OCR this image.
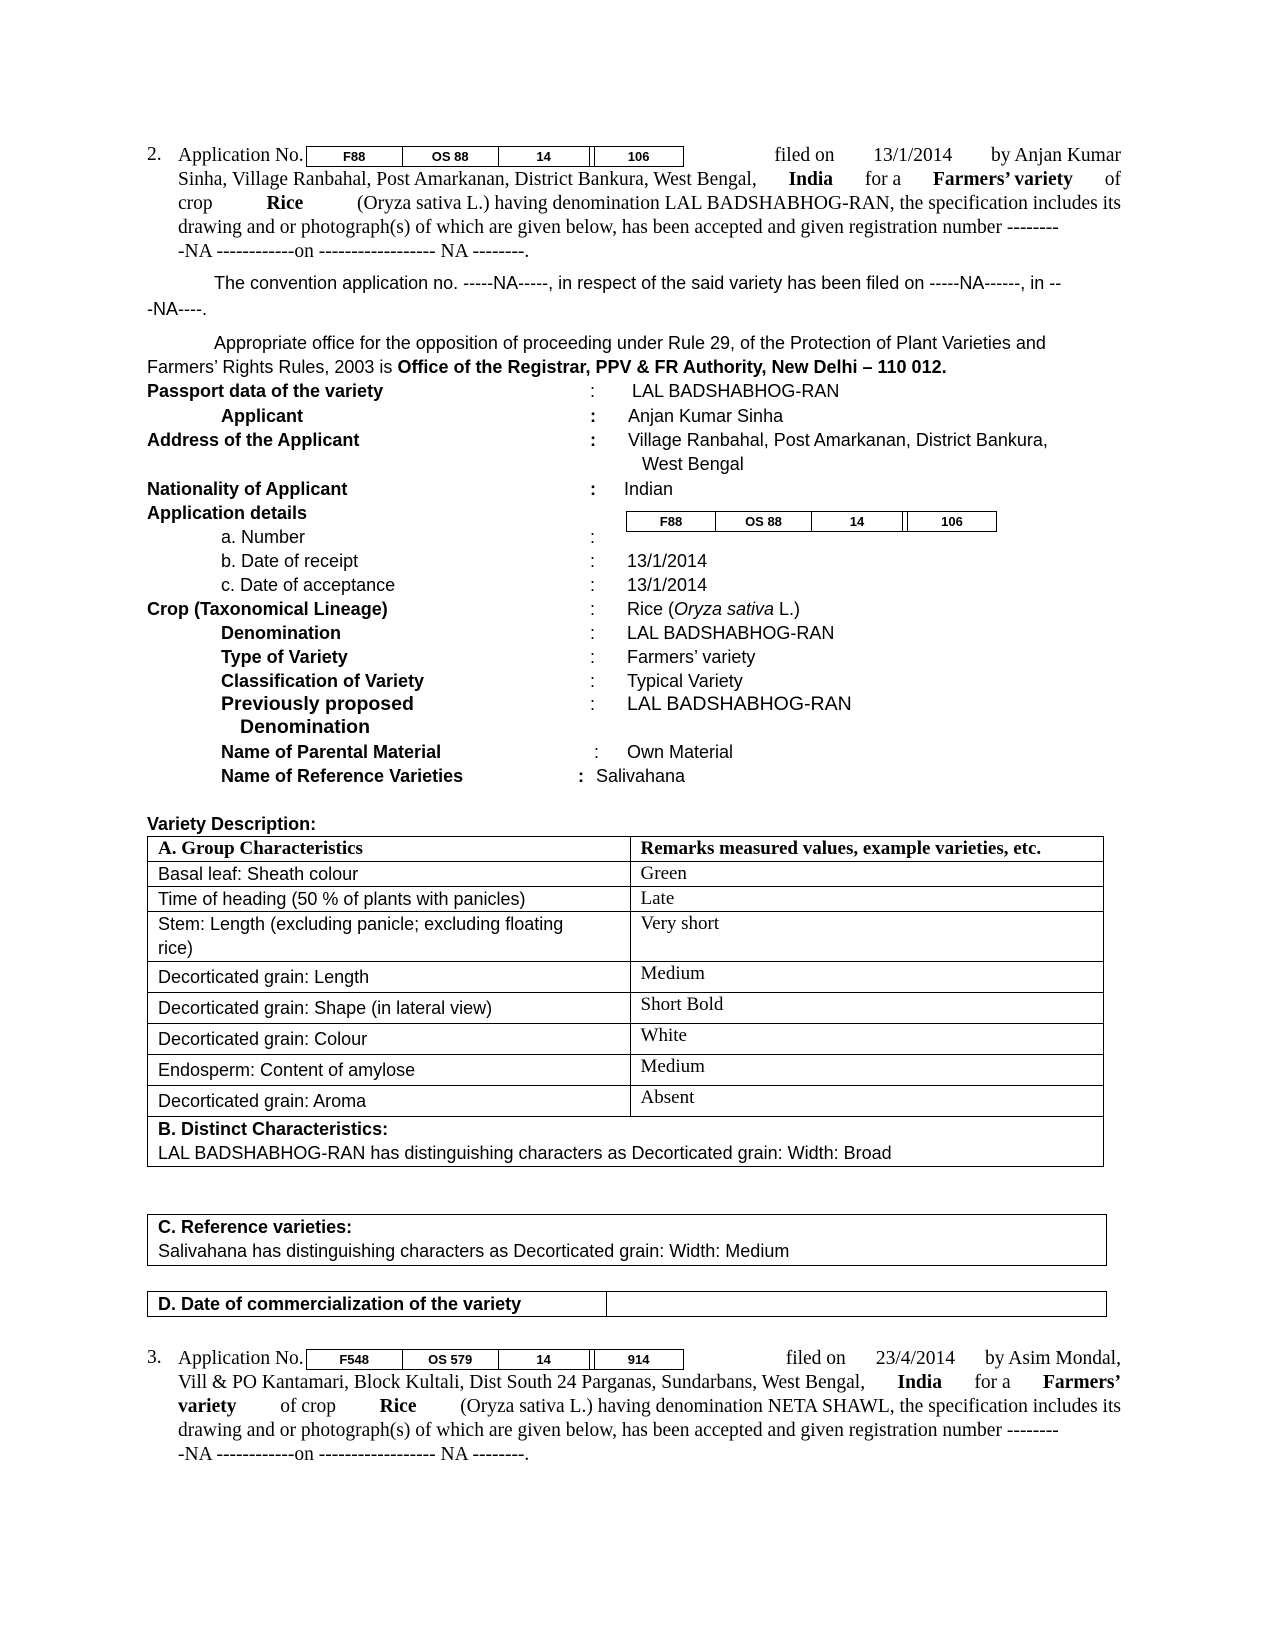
2. Application No.	F88	OS 88	14	106	filed on 13/1/2014 by Anjan Kumar
Sinha, Village Ranbahal, Post Amarkanan, District Bankura, West Bengal, India for a Farmers’ variety of
crop	Rice	(Oryza sativa L.) having denomination LAL BADSHABHOG-RAN, the specification includes its
drawing and or photograph(s) of which are given below, has been accepted and given registration number --------
-NA ------------on ------------------ NA --------.
The convention application no. -----NA-----, in respect of the said variety has been filed on -----NA------, in --
-NA----.
Appropriate office for the opposition of proceeding under Rule 29, of the Protection of Plant Varieties and
Farmers’ Rights Rules, 2003 is Office of the Registrar, PPV & FR Authority, New Delhi – 110 012.
Passport data of the variety	: LAL BADSHABHOG-RAN
Applicant	: Anjan Kumar Sinha
Address of the Applicant	: Village Ranbahal, Post Amarkanan, District Bankura,
West Bengal
Nationality of Applicant	: Indian
Application details
a. Number	:
F88	OS 88	14	106
b. Date of receipt	: 13/1/2014
c. Date of acceptance	: 13/1/2014
Crop (Taxonomical Lineage)	: Rice (Oryza sativa L.)
Denomination	: LAL BADSHABHOG-RAN
Type of Variety	: Farmers’ variety
Classification of Variety	: Typical Variety
Previously proposed
Denomination
: LAL BADSHABHOG-RAN
Name of Parental Material	: Own Material
Name of Reference Varieties	: Salivahana
Variety Description:
A. Group Characteristics	Remarks measured values, example varieties, etc.
Basal leaf: Sheath colour	Green
Time of heading (50 % of plants with panicles)	Late
Stem: Length (excluding panicle; excluding floating rice)	Very short
Decorticated grain: Length	Medium
Decorticated grain: Shape (in lateral view)	Short Bold
Decorticated grain: Colour	White
Endosperm: Content of amylose	Medium
Decorticated grain: Aroma	Absent

B. Distinct Characteristics:
LAL BADSHABHOG-RAN has distinguishing characters as Decorticated grain: Width: Broad	
C. Reference varieties:
Salivahana has distinguishing characters as Decorticated grain: Width: Medium
D. Date of commercialization of the variety	
3. Application No.	F548	OS 579	14	914	filed on 23/4/2014 by Asim Mondal,
Vill & PO Kantamari, Block Kultali, Dist South 24 Parganas, Sundarbans, West Bengal, India for a Farmers’
variety of crop Rice (Oryza sativa L.) having denomination NETA SHAWL, the specification includes its
drawing and or photograph(s) of which are given below, has been accepted and given registration number --------
-NA ------------on ------------------ NA --------.
